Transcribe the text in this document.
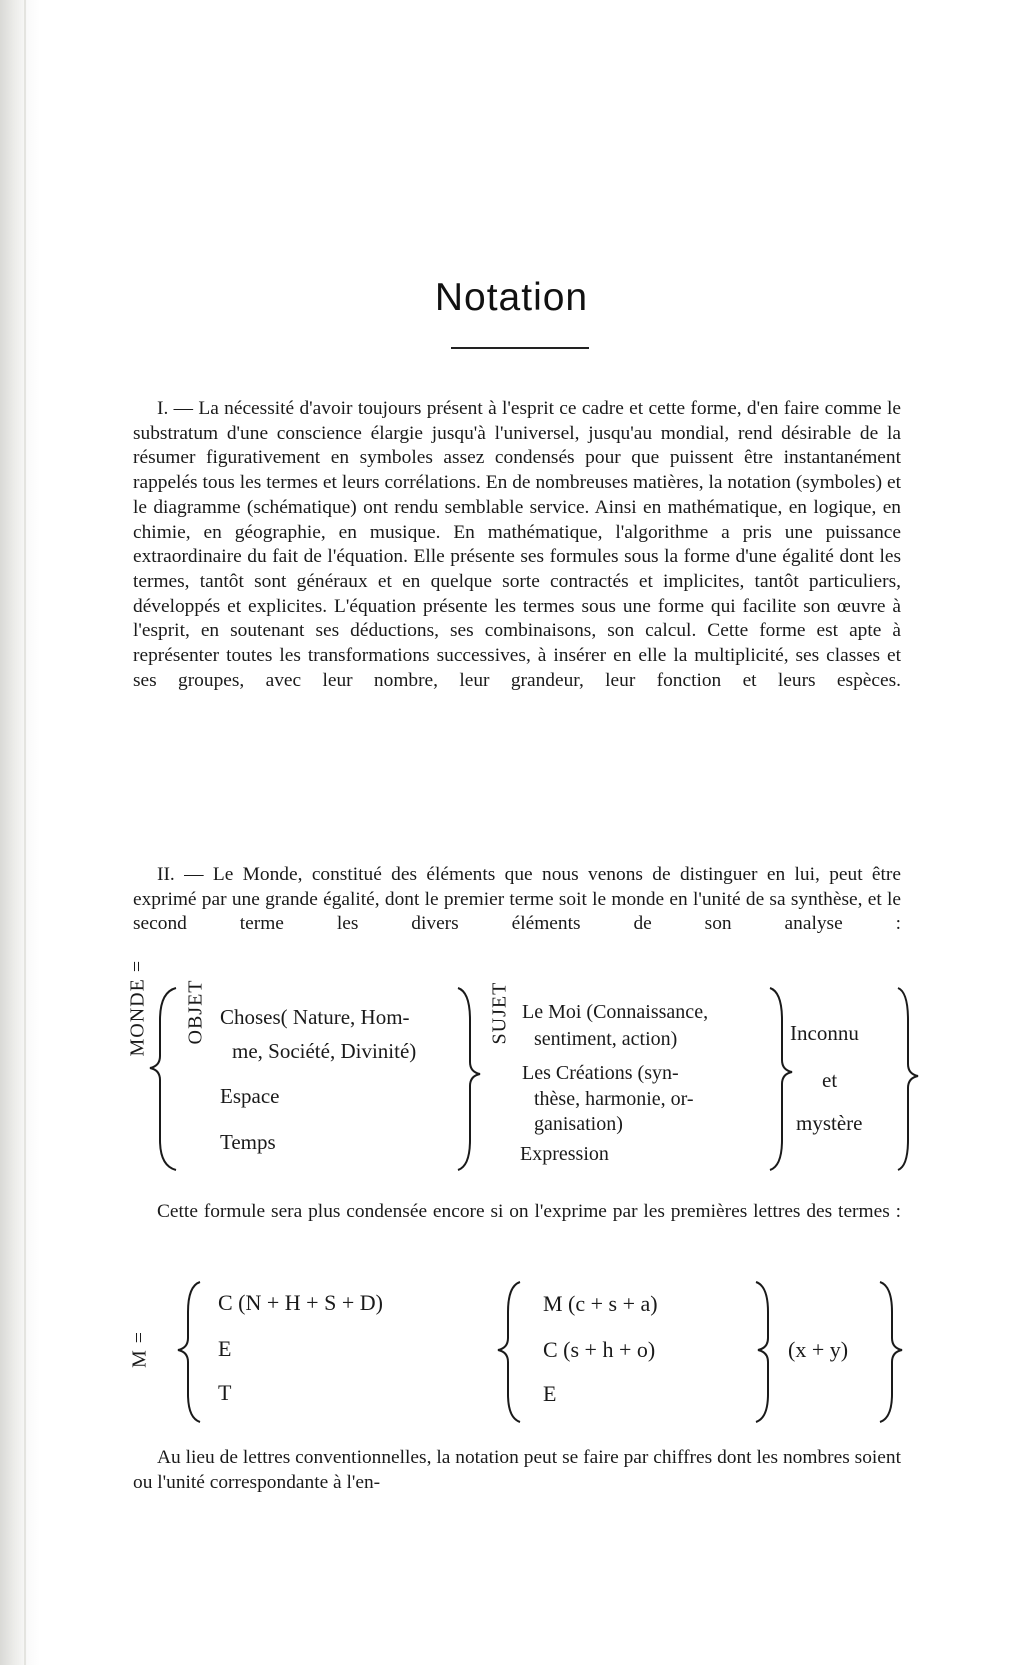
Notation

I. — La nécessité d'avoir toujours présent à l'esprit ce cadre et cette forme, d'en faire comme le substratum d'une conscience élargie jusqu'à l'universel, jusqu'au mondial, rend désirable de la résumer figurativement en symboles assez condensés pour que puissent être instantanément rappelés tous les termes et leurs corrélations. En de nombreuses matières, la notation (symboles) et le diagramme (schématique) ont rendu semblable service. Ainsi en mathématique, en logique, en chimie, en géographie, en musique. En mathématique, l'algorithme a pris une puissance extraordinaire du fait de l'équation. Elle présente ses formules sous la forme d'une égalité dont les termes, tantôt sont généraux et en quelque sorte contractés et implicites, tantôt particuliers, développés et explicites. L'équation présente les termes sous une forme qui facilite son œuvre à l'esprit, en soutenant ses déductions, ses combinaisons, son calcul. Cette forme est apte à représenter toutes les transformations successives, à insérer en elle la multiplicité, ses classes et ses groupes, avec leur nombre, leur grandeur, leur fonction et leurs espèces.

II. — Le Monde, constitué des éléments que nous venons de distinguer en lui, peut être exprimé par une grande égalité, dont le premier terme soit le monde en l'unité de sa synthèse, et le second terme les divers éléments de son analyse :

MONDE = OBJET Choses( Nature, Hom-
me, Société, Divinité)
Espace
Temps
SUJET Le Moi (Connaissance,
sentiment, action)
Les Créations (syn-
thèse, harmonie, or-
ganisation)
Expression
Inconnu
et
mystère

Cette formule sera plus condensée encore si on l'exprime par les premières lettres des termes :

M =
C (N + H + S + D)
E
T
M (c + s + a)
C (s + h + o)
E
(x + y)

Au lieu de lettres conventionnelles, la notation peut se faire par chiffres dont les nombres soient ou l'unité correspondante à l'en-
